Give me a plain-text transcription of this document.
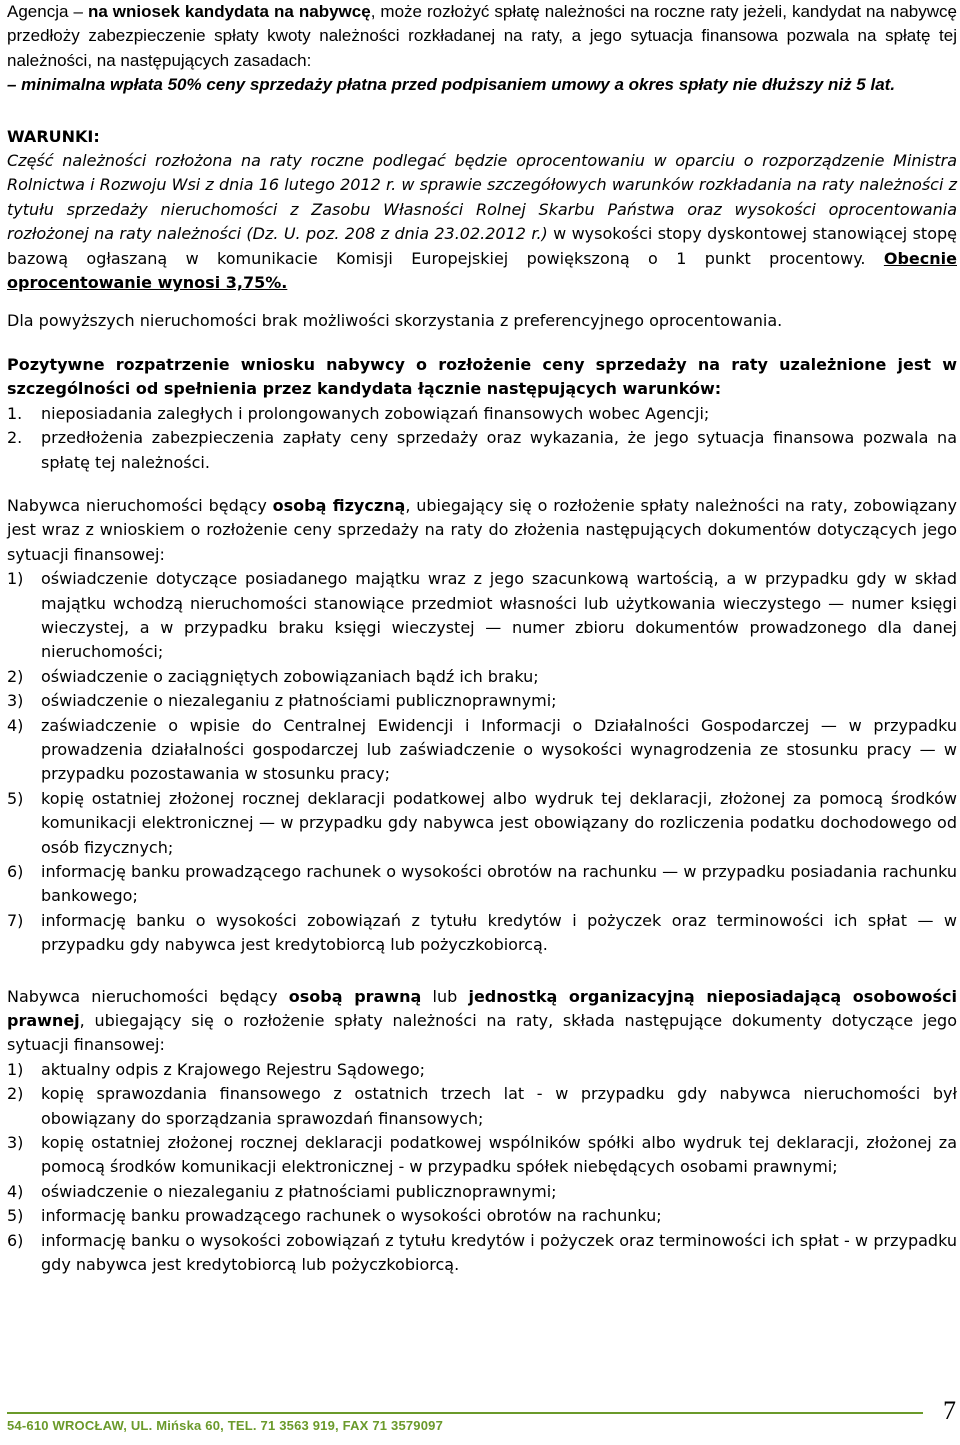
Agencja – na wniosek kandydata na nabywcę, może rozłożyć spłatę należności na roczne raty jeżeli, kandydat na nabywcę przedłoży zabezpieczenie spłaty kwoty należności rozkładanej na raty, a jego sytuacja finansowa pozwala na spłatę tej należności, na następujących zasadach:

– minimalna wpłata 50% ceny sprzedaży płatna przed podpisaniem umowy a okres spłaty nie dłuższy niż 5 lat.

WARUNKI:

Część należności rozłożona na raty roczne podlegać będzie oprocentowaniu w oparciu o rozporządzenie Ministra Rolnictwa i Rozwoju Wsi z dnia 16 lutego 2012 r. w sprawie szczegółowych warunków rozkładania na raty należności z tytułu sprzedaży nieruchomości z Zasobu Własności Rolnej Skarbu Państwa oraz wysokości oprocentowania rozłożonej na raty należności (Dz. U. poz. 208 z dnia 23.02.2012 r.) w wysokości stopy dyskontowej stanowiącej stopę bazową ogłaszaną w komunikacie Komisji Europejskiej powiększoną o 1 punkt procentowy. Obecnie oprocentowanie wynosi 3,75%.

Dla powyższych nieruchomości brak możliwości skorzystania z preferencyjnego oprocentowania.

Pozytywne rozpatrzenie wniosku nabywcy o rozłożenie ceny sprzedaży na raty uzależnione jest w szczególności od spełnienia przez kandydata łącznie następujących warunków:

1.	nieposiadania zaległych i prolongowanych zobowiązań finansowych wobec Agencji;
2.	przedłożenia zabezpieczenia zapłaty ceny sprzedaży oraz wykazania, że jego sytuacja finansowa pozwala na spłatę tej należności.

Nabywca nieruchomości będący osobą fizyczną, ubiegający się o rozłożenie spłaty należności na raty, zobowiązany jest wraz z wnioskiem o rozłożenie ceny sprzedaży na raty do złożenia następujących dokumentów dotyczących jego sytuacji finansowej:

1)	oświadczenie dotyczące posiadanego majątku wraz z jego szacunkową wartością, a w przypadku gdy w skład majątku wchodzą nieruchomości stanowiące przedmiot własności lub użytkowania wieczystego — numer księgi wieczystej, a w przypadku braku księgi wieczystej — numer zbioru dokumentów prowadzonego dla danej nieruchomości;
2)	oświadczenie o zaciągniętych zobowiązaniach bądź ich braku;
3)	oświadczenie o niezaleganiu z płatnościami publicznoprawnymi;
4)	zaświadczenie o wpisie do Centralnej Ewidencji i Informacji o Działalności Gospodarczej — w przypadku prowadzenia działalności gospodarczej lub zaświadczenie o wysokości wynagrodzenia ze stosunku pracy — w przypadku pozostawania w stosunku pracy;
5)	kopię ostatniej złożonej rocznej deklaracji podatkowej albo wydruk tej deklaracji, złożonej za pomocą środków komunikacji elektronicznej — w przypadku gdy nabywca jest obowiązany do rozliczenia podatku dochodowego od osób fizycznych;
6)	informację banku prowadzącego rachunek o wysokości obrotów na rachunku — w przypadku posiadania rachunku bankowego;
7)	informację banku o wysokości zobowiązań z tytułu kredytów i pożyczek oraz terminowości ich spłat — w przypadku gdy nabywca jest kredytobiorcą lub pożyczkobiorcą.

Nabywca nieruchomości będący osobą prawną lub jednostką organizacyjną nieposiadającą osobowości prawnej, ubiegający się o rozłożenie spłaty należności na raty, składa następujące dokumenty dotyczące jego sytuacji finansowej:

1)	aktualny odpis z Krajowego Rejestru Sądowego;
2)	kopię sprawozdania finansowego z ostatnich trzech lat - w przypadku gdy nabywca nieruchomości był obowiązany do sporządzania sprawozdań finansowych;
3)	kopię ostatniej złożonej rocznej deklaracji podatkowej wspólników spółki albo wydruk tej deklaracji, złożonej za pomocą środków komunikacji elektronicznej - w przypadku spółek niebędących osobami prawnymi;
4)	oświadczenie o niezaleganiu z płatnościami publicznoprawnymi;
5)	informację banku prowadzącego rachunek o wysokości obrotów na rachunku;
6)	informację banku o wysokości zobowiązań z tytułu kredytów i pożyczek oraz terminowości ich spłat - w przypadku gdy nabywca jest kredytobiorcą lub pożyczkobiorcą.
54-610 WROCŁAW, UL. Mińska 60, TEL. 71 3563 919, FAX 71 3579097
7
